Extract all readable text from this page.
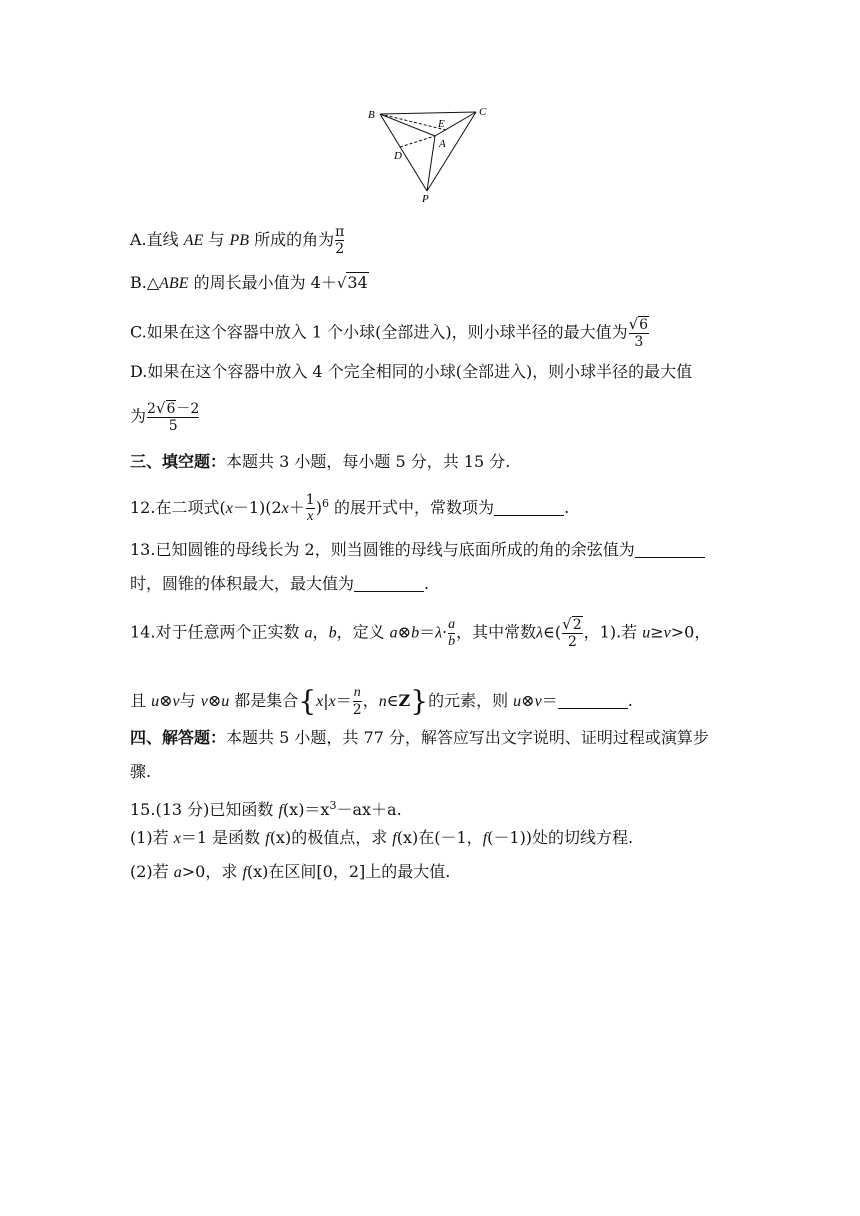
B	C
E
A
D
P
A.直线 AE 与 PB 所成的角为 $\frac{\pi}{2}$
B.△ABE 的周长最小值为 4＋√34
C.如果在这个容器中放入 1 个小球(全部进入)，则小球半径的最大值为 $\frac{√6}{3}$
D.如果在这个容器中放入 4 个完全相同的小球(全部进入)，则小球半径的最大值
为 $\frac{2√6-2}{5}$
三、填空题：本题共 3 小题，每小题 5 分，共 15 分.
12.在二项式$(x-1)(2x+ \frac{1}{x} )^6$ 的展开式中，常数项为	.
13.已知圆锥的母线长为 2，则当圆锥的母线与底面所成的角的余弦值为
时，圆锥的体积最大，最大值为	.
14.对于任意两个正实数 a，b，定义 a⊗b＝λ· $\frac{a}{b}$ ，其中常数λ∈( $\frac{√2}{2}$ ，1).若 u≥v>0，
且 u⊗v与 v⊗u 都是集合{$x|x= \frac{n}{2}$ ，n∈Z}的元素，则 u⊗v＝	.
四、解答题：本题共 5 小题，共 77 分，解答应写出文字说明、证明过程或演算步
骤.
15.(13 分)已知函数 $f(x)=x^3-ax+a$.
(1)若 x＝1 是函数 f(x)的极值点，求 f(x)在(－1，f(－1))处的切线方程.
(2)若 a>0，求 f(x)在区间[0，2]上的最大值.
